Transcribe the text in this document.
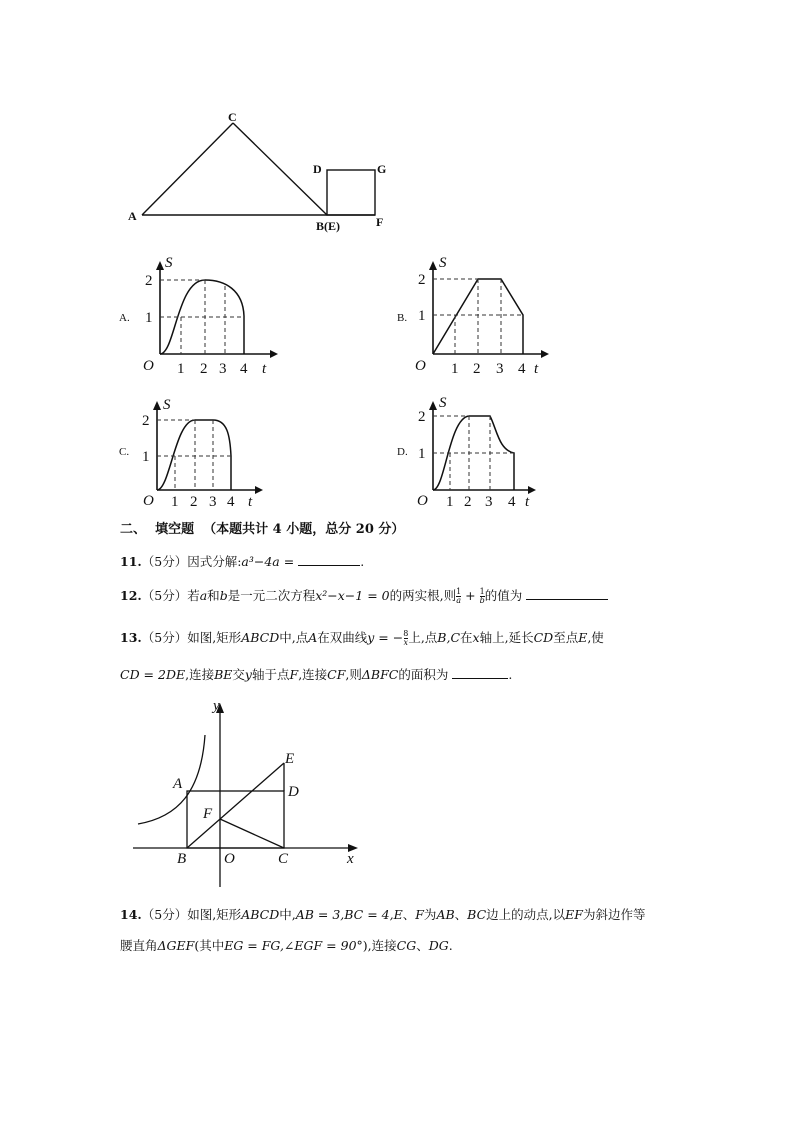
A
C
D	G
B(E)	F
A.
S
2
1
O 1 2 3 4 t
B.
S
2
1
O 1 2 3 4 t
C.
S
2
1
O 1 2 3 4 t
D.
S
2
1
O 1 2 3 4 t
二、 填空题 （本题共计 4 小题，总分 20 分）
11.（5分）因式分解:a³−4a =	.
12.（5分）若a和b是一元二次方程x²−x−1 = 0的两实根,则 $\frac{1}{a} + \frac{1}{b}$ 的值为
13.（5分）如图,矩形ABCD中,点A在双曲线y = − $\frac{8}{x}$ 上,点B,C在x轴上,延长CD至点E,使
CD = 2DE,连接BE交y轴于点F,连接CF,则ΔBFC的面积为	.
y
x
A
B	O	C
D
E
F
14.（5分）如图,矩形ABCD中,AB = 3,BC = 4,E、F为AB、BC边上的动点,以EF为斜边作等
腰直角ΔGEF(其中EG = FG,∠EGF = 90°),连接CG、DG.
